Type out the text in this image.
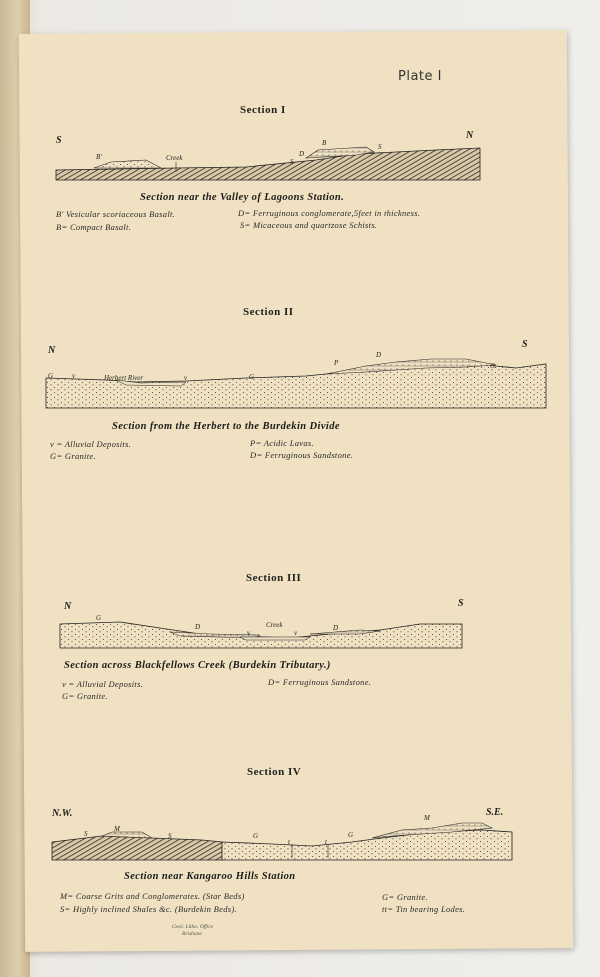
Plate I
Section I
S	N
B'	Creek
B
D
S
S
Section near the Valley of Lagoons Station.
B' Vesicular scoriaceous Basalt.	D= Ferruginous conglomerate,5feet in thickness.
B= Compact Basalt.	S= Micaceous and quartzose Schists.
Section II
N
S
G	v	Herbert River	v	G
P
D
G
Section from the Herbert to the Burdekin Divide
v = Alluvial Deposits.	P= Acidic Lavas.
G= Granite.	D= Ferruginous Sandstone.
Section III
N	S
G
D	Creek	D
v	v
Section across Blackfellows Creek (Burdekin Tributary.)
v = Alluvial Deposits.	D= Ferruginous Sandstone.
G= Granite.
Section IV
N.W.	S.E.
S
M
S	G
t	t
G
M
Section near Kangaroo Hills Station
M= Coarse Grits and Conglomerates. (Star Beds)	G= Granite.
S= Highly inclined Shales &c. (Burdekin Beds).	tt= Tin bearing Lodes.
Geol. Litho. Office
Brisbane
